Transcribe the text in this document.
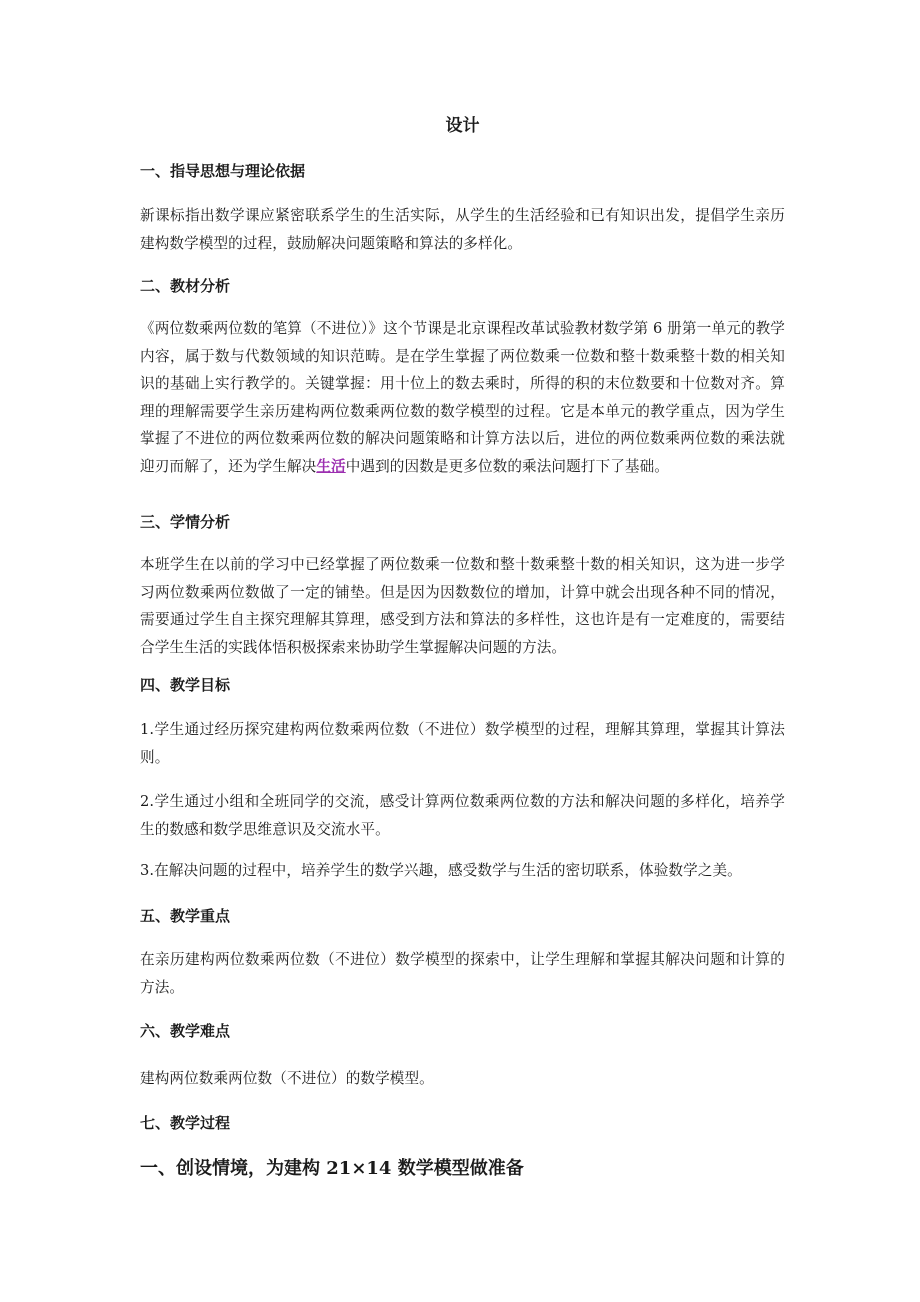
设计
一、指导思想与理论依据
新课标指出数学课应紧密联系学生的生活实际，从学生的生活经验和已有知识出发，提倡学生亲历建构数学模型的过程，鼓励解决问题策略和算法的多样化。
二、教材分析
《两位数乘两位数的笔算（不进位）》这个节课是北京课程改革试验教材数学第 6 册第一单元的教学内容，属于数与代数领域的知识范畴。是在学生掌握了两位数乘一位数和整十数乘整十数的相关知识的基础上实行教学的。关键掌握：用十位上的数去乘时，所得的积的末位数要和十位数对齐。算理的理解需要学生亲历建构两位数乘两位数的数学模型的过程。它是本单元的教学重点，因为学生掌握了不进位的两位数乘两位数的解决问题策略和计算方法以后，进位的两位数乘两位数的乘法就迎刃而解了，还为学生解决生活中遇到的因数是更多位数的乘法问题打下了基础。
三、学情分析
本班学生在以前的学习中已经掌握了两位数乘一位数和整十数乘整十数的相关知识，这为进一步学习两位数乘两位数做了一定的铺垫。但是因为因数数位的增加，计算中就会出现各种不同的情况，需要通过学生自主探究理解其算理，感受到方法和算法的多样性，这也许是有一定难度的，需要结合学生生活的实践体悟积极探索来协助学生掌握解决问题的方法。
四、教学目标
1.学生通过经历探究建构两位数乘两位数（不进位）数学模型的过程，理解其算理，掌握其计算法则。
2.学生通过小组和全班同学的交流，感受计算两位数乘两位数的方法和解决问题的多样化，培养学生的数感和数学思维意识及交流水平。
3.在解决问题的过程中，培养学生的数学兴趣，感受数学与生活的密切联系，体验数学之美。
五、教学重点
在亲历建构两位数乘两位数（不进位）数学模型的探索中，让学生理解和掌握其解决问题和计算的方法。
六、教学难点
建构两位数乘两位数（不进位）的数学模型。
七、教学过程
一、创设情境，为建构 21×14 数学模型做准备
